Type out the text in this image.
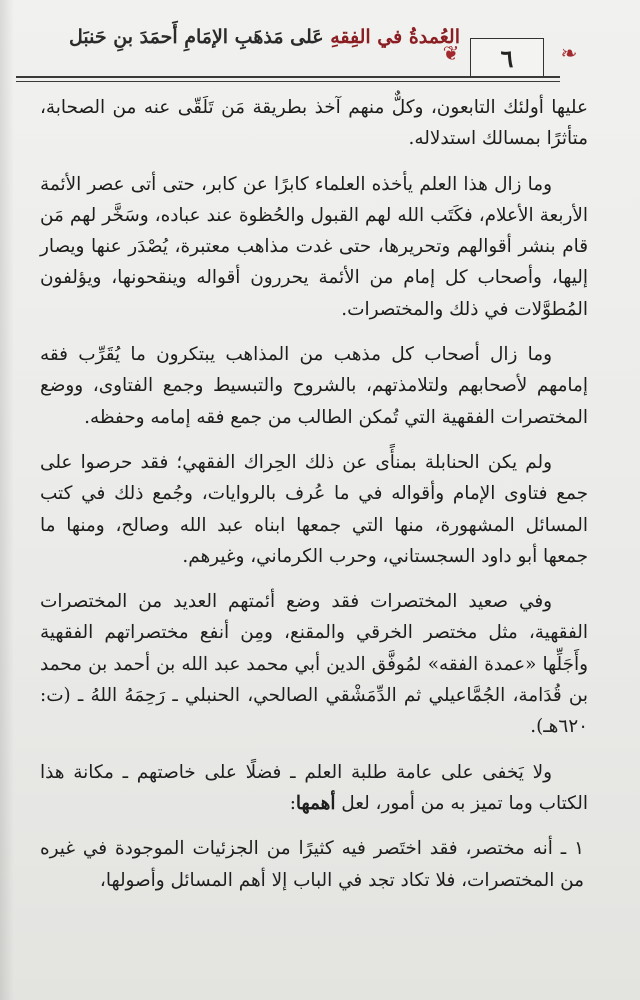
العُمدةُ في الفِقهِ عَلى مَذهَبِ الإمَامِ أَحمَدَ بنِ حَنبَل
❦	٦	❧

عليها أولئك التابعون، وكلٌّ منهم آخذ بطريقة مَن تَلَقّى عنه من الصحابة، متأثرًا بمسالك استدلاله.

وما زال هذا العلم يأخذه العلماء كابرًا عن كابر، حتى أتى عصر الأئمة الأربعة الأعلام، فكَتَب الله لهم القبول والحُظوة عند عباده، وسَخَّر لهم مَن قام بنشر أقوالهم وتحريرها، حتى غدت مذاهب معتبرة، يُصْدَر عنها ويصار إليها، وأصحاب كل إمام من الأئمة يحررون أقواله وينقحونها، ويؤلفون المُطوَّلات في ذلك والمختصرات.

وما زال أصحاب كل مذهب من المذاهب يبتكرون ما يُقَرِّب فقه إمامهم لأصحابهم ولتلامذتهم، بالشروح والتبسيط وجمع الفتاوى، ووضع المختصرات الفقهية التي تُمكن الطالب من جمع فقه إمامه وحفظه.

ولم يكن الحنابلة بمنأًى عن ذلك الحِراك الفقهي؛ فقد حرصوا على جمع فتاوى الإمام وأقواله في ما عُرف بالروايات، وجُمع ذلك في كتب المسائل المشهورة، منها التي جمعها ابناه عبد الله وصالح، ومنها ما جمعها أبو داود السجستاني، وحرب الكرماني، وغيرهم.

وفي صعيد المختصرات فقد وضع أئمتهم العديد من المختصرات الفقهية، مثل مختصر الخرقي والمقنع، ومِن أنفع مختصراتهم الفقهية وأَجَلِّها «عمدة الفقه» لمُوفَّق الدين أبي محمد عبد الله بن أحمد بن محمد بن قُدَامة، الجُمَّاعيلي ثم الدِّمَشْقي الصالحي، الحنبلي ـ رَحِمَهُ اللهُ ـ (ت: ٦٢٠هـ).

ولا يَخفى على عامة طلبة العلم ـ فضلًا على خاصتهم ـ مكانة هذا الكتاب وما تميز به من أمور، لعل أهمها:

١ ـ أنه مختصر، فقد اختَصر فيه كثيرًا من الجزئيات الموجودة في غيره من المختصرات، فلا تكاد تجد في الباب إلا أهم المسائل وأصولها،
